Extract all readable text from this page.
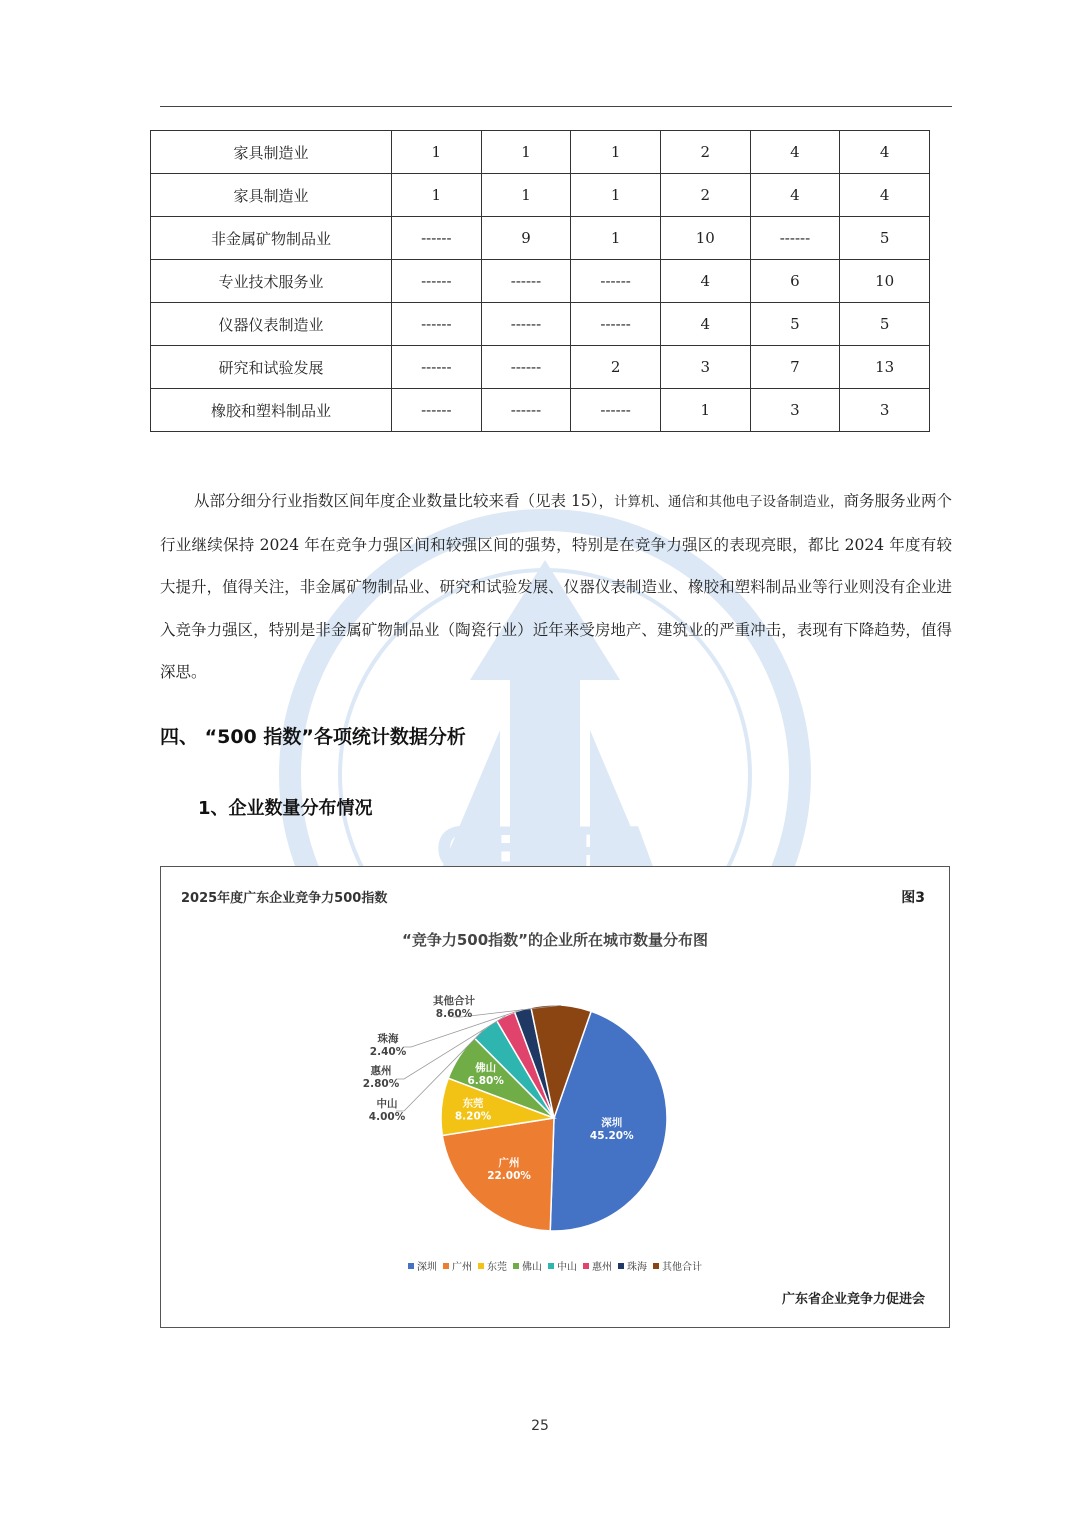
GECPA
家具制造业	1	1	1	2	4	4
家具制造业	1	1	1	2	4	4
非金属矿物制品业	------	9	1	10	------	5
专业技术服务业	------	------	------	4	6	10
仪器仪表制造业	------	------	------	4	5	5
研究和试验发展	------	------	2	3	7	13
橡胶和塑料制品业	------	------	------	1	3	3
从部分细分行业指数区间年度企业数量比较来看（见表 15），计算机、通信和其他电子设备制造业，商务服务业两个行业继续保持 2024 年在竞争力强区间和较强区间的强势，特别是在竞争力强区的表现亮眼，都比 2024 年度有较大提升，值得关注，非金属矿物制品业、研究和试验发展、仪器仪表制造业、橡胶和塑料制品业等行业则没有企业进入竞争力强区，特别是非金属矿物制品业（陶瓷行业）近年来受房地产、建筑业的严重冲击，表现有下降趋势，值得深思。
四、 “500 指数”各项统计数据分析
1、企业数量分布情况
2025年度广东企业竞争力500指数	图3
“竞争力500指数”的企业所在城市数量分布图
深圳
45.20%
广州
22.00%
东莞
8.20%
佛山
6.80%
中山
4.00%
惠州
2.80%
珠海
2.40%
其他合计
8.60%
深圳 广州 东莞 佛山 中山 惠州 珠海 其他合计
广东省企业竞争力促进会
25
